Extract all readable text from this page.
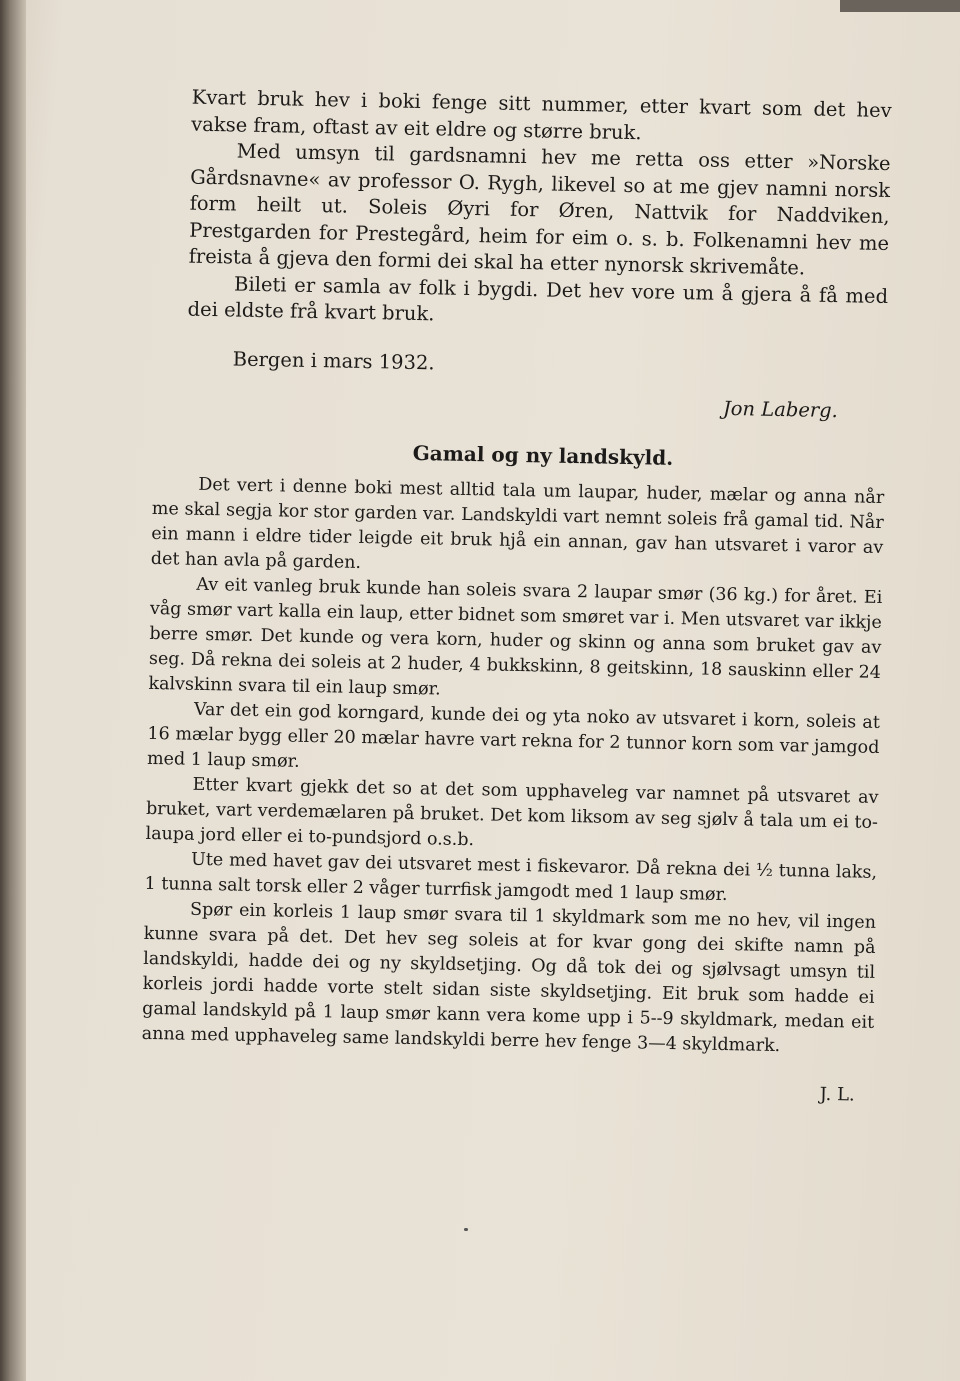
Kvart bruk hev i boki fenge sitt nummer, etter kvart som det hev vakse fram, oftast av eit eldre og større bruk.

Med umsyn til gardsnamni hev me retta oss etter »Norske Gårdsnavne« av professor O. Rygh, likevel so at me gjev namni norsk form heilt ut. Soleis Øyri for Øren, Nattvik for Naddviken, Prestgarden for Prestegård, heim for eim o. s. b. Folkenamni hev me freista å gjeva den formi dei skal ha etter nynorsk skrivemåte.

Bileti er samla av folk i bygdi. Det hev vore um å gjera å få med dei eldste frå kvart bruk.

Bergen i mars 1932.

Jon Laberg.

Gamal og ny landskyld.

Det vert i denne boki mest alltid tala um laupar, huder, mælar og anna når me skal segja kor stor garden var. Landskyldi vart nemnt soleis frå gamal tid. Når ein mann i eldre tider leigde eit bruk hjå ein annan, gav han utsvaret i varor av det han avla på garden.

Av eit vanleg bruk kunde han soleis svara 2 laupar smør (36 kg.) for året. Ei våg smør vart kalla ein laup, etter bidnet som smøret var i. Men utsvaret var ikkje berre smør. Det kunde og vera korn, huder og skinn og anna som bruket gav av seg. Då rekna dei soleis at 2 huder, 4 bukkskinn, 8 geitskinn, 18 sauskinn eller 24 kalvskinn svara til ein laup smør.

Var det ein god korngard, kunde dei og yta noko av utsvaret i korn, soleis at 16 mælar bygg eller 20 mælar havre vart rekna for 2 tunnor korn som var jamgod med 1 laup smør.

Etter kvart gjekk det so at det som upphaveleg var namnet på utsvaret av bruket, vart verdemælaren på bruket. Det kom liksom av seg sjølv å tala um ei to-laupa jord eller ei to-pundsjord o.s.b.

Ute med havet gav dei utsvaret mest i fiskevaror. Då rekna dei ½ tunna laks, 1 tunna salt torsk eller 2 våger turrfisk jamgodt med 1 laup smør.

Spør ein korleis 1 laup smør svara til 1 skyldmark som me no hev, vil ingen kunne svara på det. Det hev seg soleis at for kvar gong dei skifte namn på landskyldi, hadde dei og ny skyldsetjing. Og då tok dei og sjølvsagt umsyn til korleis jordi hadde vorte stelt sidan siste skyldsetjing. Eit bruk som hadde ei gamal landskyld på 1 laup smør kann vera kome upp i 5--9 skyldmark, medan eit anna med upphaveleg same landskyldi berre hev fenge 3—4 skyldmark.

J. L.
